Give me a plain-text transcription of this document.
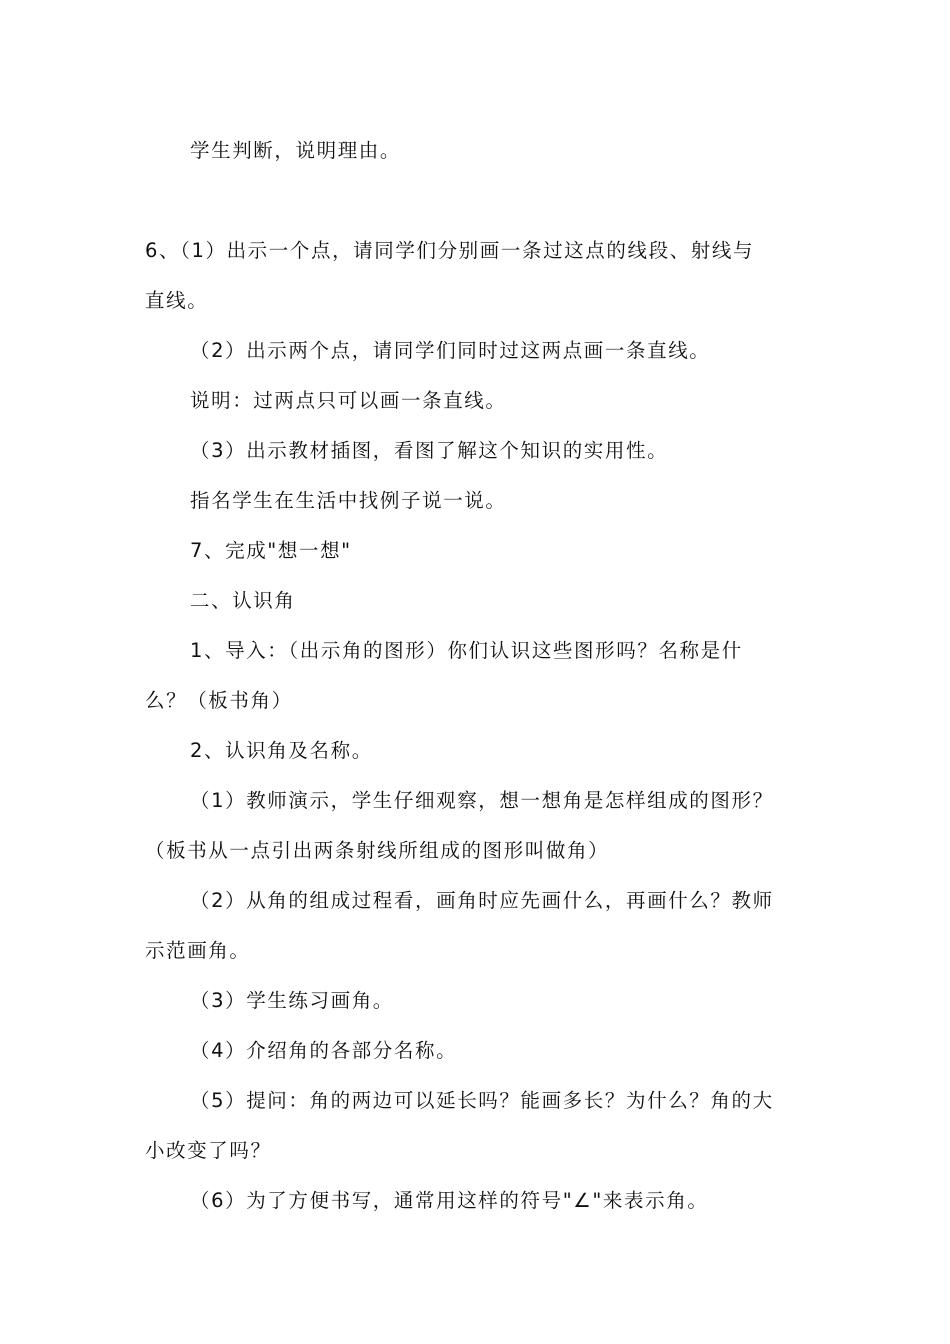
学生判断，说明理由。
6、（1）出示一个点，请同学们分别画一条过这点的线段、射线与
直线。
（2）出示两个点，请同学们同时过这两点画一条直线。
说明：过两点只可以画一条直线。
（3）出示教材插图，看图了解这个知识的实用性。
指名学生在生活中找例子说一说。
7、完成"想一想"
二、认识角
1、导入：（出示角的图形）你们认识这些图形吗？名称是什
么？（板书角）
2、认识角及名称。
（1）教师演示，学生仔细观察，想一想角是怎样组成的图形？
（板书从一点引出两条射线所组成的图形叫做角）
（2）从角的组成过程看，画角时应先画什么，再画什么？教师
示范画角。
（3）学生练习画角。
（4）介绍角的各部分名称。
（5）提问：角的两边可以延长吗？能画多长？为什么？角的大
小改变了吗？
（6）为了方便书写，通常用这样的符号"∠"来表示角。
